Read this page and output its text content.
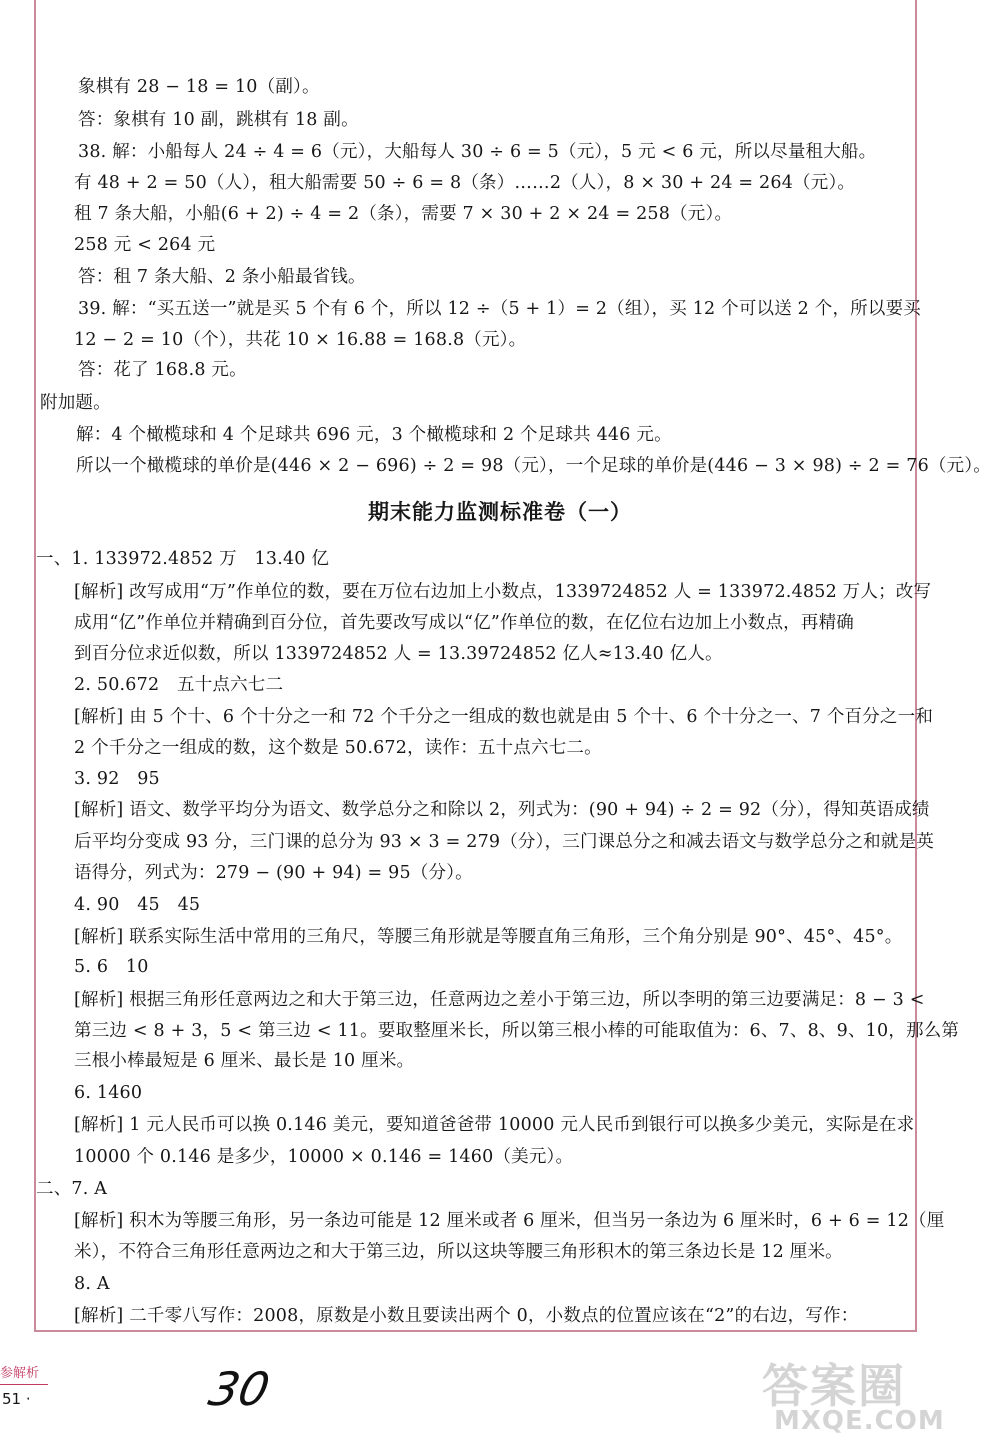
象棋有 28 − 18 = 10（副）。
答：象棋有 10 副，跳棋有 18 副。
38. 解：小船每人 24 ÷ 4 = 6（元），大船每人 30 ÷ 6 = 5（元），5 元 < 6 元，所以尽量租大船。
有 48 + 2 = 50（人），租大船需要 50 ÷ 6 = 8（条）……2（人），8 × 30 + 24 = 264（元）。
租 7 条大船，小船(6 + 2) ÷ 4 = 2（条），需要 7 × 30 + 2 × 24 = 258（元）。
258 元 < 264 元
答：租 7 条大船、2 条小船最省钱。
39. 解：“买五送一”就是买 5 个有 6 个，所以 12 ÷（5 + 1）= 2（组），买 12 个可以送 2 个，所以要买
12 − 2 = 10（个），共花 10 × 16.88 = 168.8（元）。
答：花了 168.8 元。
附加题。
解：4 个橄榄球和 4 个足球共 696 元，3 个橄榄球和 2 个足球共 446 元。
所以一个橄榄球的单价是(446 × 2 − 696) ÷ 2 = 98（元），一个足球的单价是(446 − 3 × 98) ÷ 2 = 76（元）。
期末能力监测标准卷（一）
一、1. 133972.4852 万　13.40 亿
[解析] 改写成用“万”作单位的数，要在万位右边加上小数点，1339724852 人 = 133972.4852 万人；改写
成用“亿”作单位并精确到百分位，首先要改写成以“亿”作单位的数，在亿位右边加上小数点，再精确
到百分位求近似数，所以 1339724852 人 = 13.39724852 亿人≈13.40 亿人。
2. 50.672　五十点六七二
[解析] 由 5 个十、6 个十分之一和 72 个千分之一组成的数也就是由 5 个十、6 个十分之一、7 个百分之一和
2 个千分之一组成的数，这个数是 50.672，读作：五十点六七二。
3. 92　95
[解析] 语文、数学平均分为语文、数学总分之和除以 2，列式为：(90 + 94) ÷ 2 = 92（分），得知英语成绩
后平均分变成 93 分，三门课的总分为 93 × 3 = 279（分），三门课总分之和减去语文与数学总分之和就是英
语得分，列式为：279 − (90 + 94) = 95（分）。
4. 90　45　45
[解析] 联系实际生活中常用的三角尺，等腰三角形就是等腰直角三角形，三个角分别是 90°、45°、45°。
5. 6　10
[解析] 根据三角形任意两边之和大于第三边，任意两边之差小于第三边，所以李明的第三边要满足：8 − 3 <
第三边 < 8 + 3，5 < 第三边 < 11。要取整厘米长，所以第三根小棒的可能取值为：6、7、8、9、10，那么第
三根小棒最短是 6 厘米、最长是 10 厘米。
6. 1460
[解析] 1 元人民币可以换 0.146 美元，要知道爸爸带 10000 元人民币到银行可以换多少美元，实际是在求
10000 个 0.146 是多少，10000 × 0.146 = 1460（美元）。
二、7. A
[解析] 积木为等腰三角形，另一条边可能是 12 厘米或者 6 厘米，但当另一条边为 6 厘米时，6 + 6 = 12（厘
米），不符合三角形任意两边之和大于第三边，所以这块等腰三角形积木的第三条边长是 12 厘米。
8. A
[解析] 二千零八写作：2008，原数是小数且要读出两个 0，小数点的位置应该在“2”的右边，写作：
参解析
51 ·	30	答案圈
MXQE.COM
